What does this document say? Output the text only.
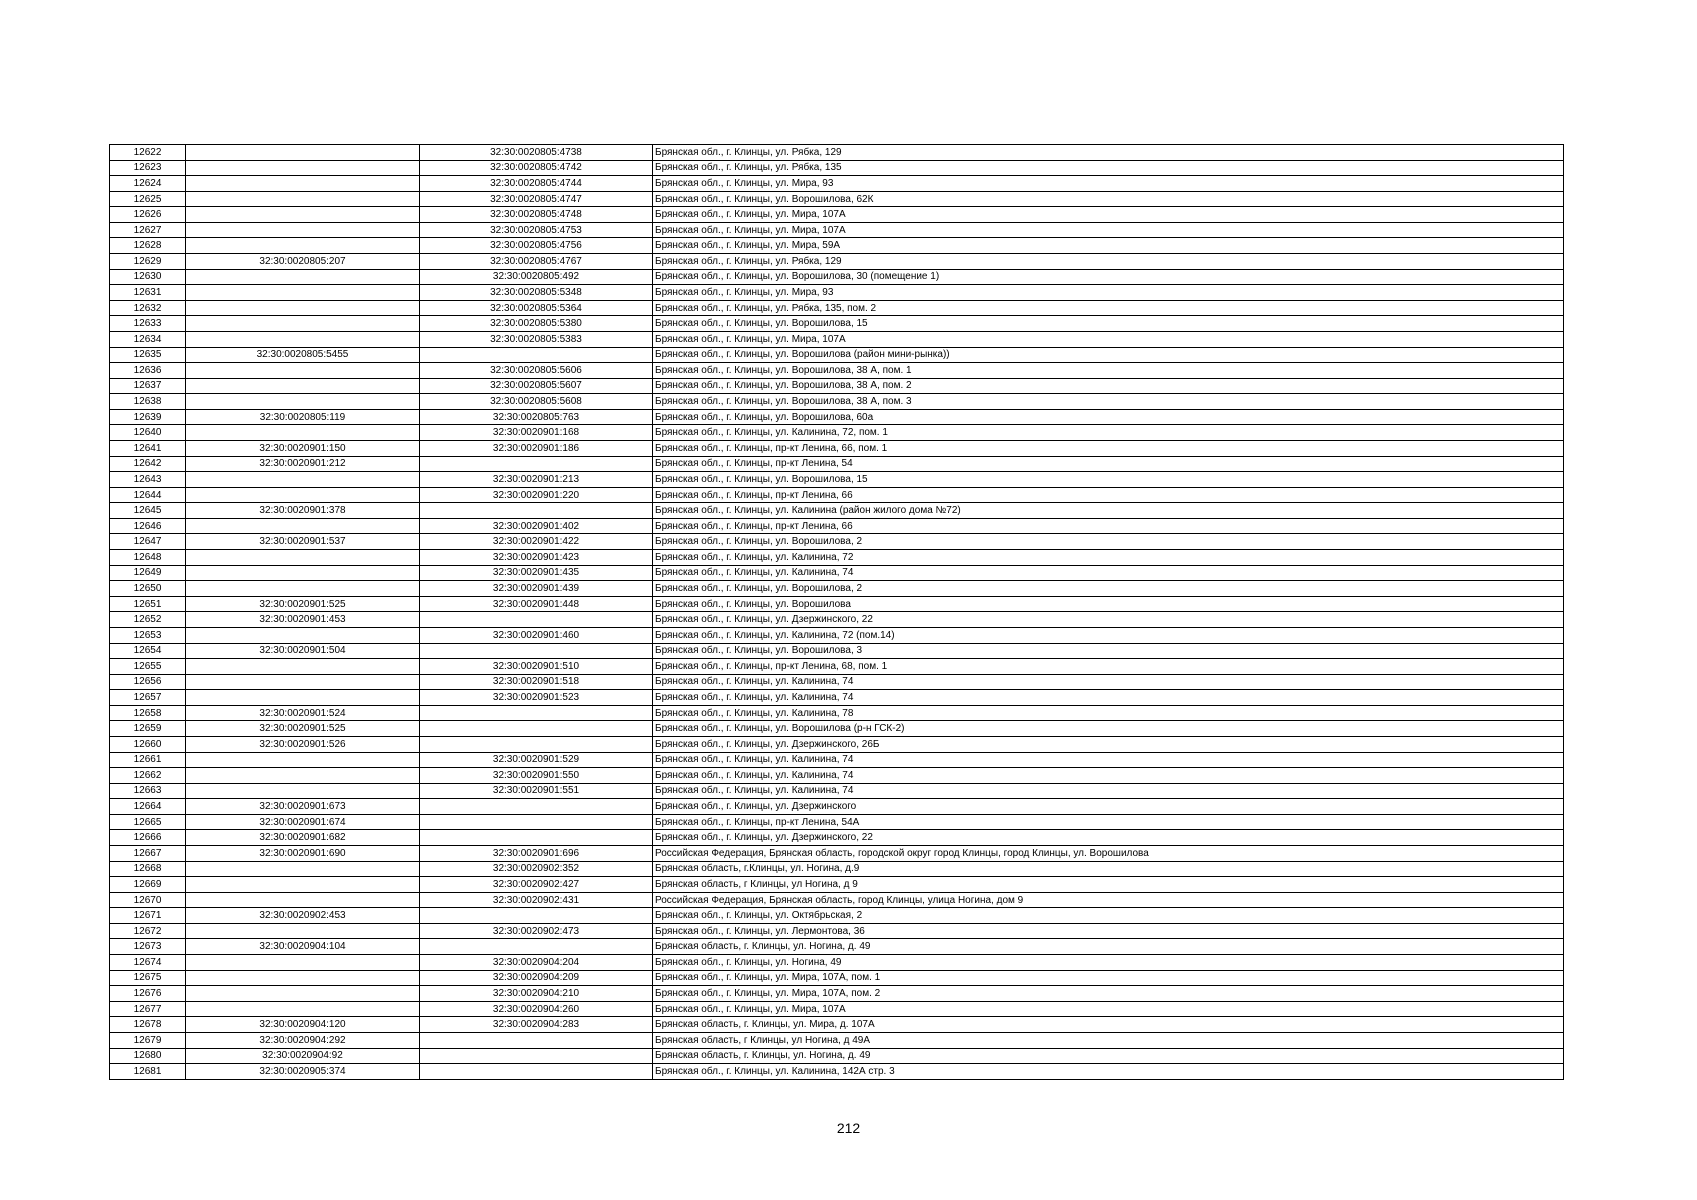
12622		32:30:0020805:4738	Брянская обл., г. Клинцы, ул. Рябка, 129
12623		32:30:0020805:4742	Брянская обл., г. Клинцы, ул. Рябка, 135
12624		32:30:0020805:4744	Брянская обл., г. Клинцы, ул. Мира, 93
12625		32:30:0020805:4747	Брянская обл., г. Клинцы, ул. Ворошилова, 62К
12626		32:30:0020805:4748	Брянская обл., г. Клинцы, ул. Мира, 107А
12627		32:30:0020805:4753	Брянская обл., г. Клинцы, ул. Мира, 107А
12628		32:30:0020805:4756	Брянская обл., г. Клинцы, ул. Мира, 59А
12629	32:30:0020805:207	32:30:0020805:4767	Брянская обл., г. Клинцы, ул. Рябка, 129
12630		32:30:0020805:492	Брянская обл., г. Клинцы, ул. Ворошилова, 30 (помещение 1)
12631		32:30:0020805:5348	Брянская обл., г. Клинцы, ул. Мира, 93
12632		32:30:0020805:5364	Брянская обл., г. Клинцы, ул. Рябка, 135, пом. 2
12633		32:30:0020805:5380	Брянская обл., г. Клинцы, ул. Ворошилова, 15
12634		32:30:0020805:5383	Брянская обл., г. Клинцы, ул. Мира, 107А
12635	32:30:0020805:5455		Брянская обл., г. Клинцы, ул. Ворошилова (район мини-рынка))
12636		32:30:0020805:5606	Брянская обл., г. Клинцы, ул. Ворошилова, 38 А, пом. 1
12637		32:30:0020805:5607	Брянская обл., г. Клинцы, ул. Ворошилова, 38 А, пом. 2
12638		32:30:0020805:5608	Брянская обл., г. Клинцы, ул. Ворошилова, 38 А, пом. 3
12639	32:30:0020805:119	32:30:0020805:763	Брянская обл., г. Клинцы, ул. Ворошилова, 60а
12640		32:30:0020901:168	Брянская обл., г. Клинцы, ул. Калинина, 72, пом. 1
12641	32:30:0020901:150	32:30:0020901:186	Брянская обл., г. Клинцы, пр-кт Ленина, 66, пом. 1
12642	32:30:0020901:212		Брянская обл., г. Клинцы, пр-кт Ленина, 54
12643		32:30:0020901:213	Брянская обл., г. Клинцы, ул. Ворошилова, 15
12644		32:30:0020901:220	Брянская обл., г. Клинцы, пр-кт Ленина, 66
12645	32:30:0020901:378		Брянская обл., г. Клинцы, ул. Калинина (район жилого дома №72)
12646		32:30:0020901:402	Брянская обл., г. Клинцы, пр-кт Ленина, 66
12647	32:30:0020901:537	32:30:0020901:422	Брянская обл., г. Клинцы, ул. Ворошилова, 2
12648		32:30:0020901:423	Брянская обл., г. Клинцы, ул. Калинина, 72
12649		32:30:0020901:435	Брянская обл., г. Клинцы, ул. Калинина, 74
12650		32:30:0020901:439	Брянская обл., г. Клинцы, ул. Ворошилова, 2
12651	32:30:0020901:525	32:30:0020901:448	Брянская обл., г. Клинцы, ул. Ворошилова
12652	32:30:0020901:453		Брянская обл., г. Клинцы, ул. Дзержинского, 22
12653		32:30:0020901:460	Брянская обл., г. Клинцы, ул. Калинина, 72 (пом.14)
12654	32:30:0020901:504		Брянская обл., г. Клинцы, ул. Ворошилова, 3
12655		32:30:0020901:510	Брянская обл., г. Клинцы, пр-кт Ленина, 68, пом. 1
12656		32:30:0020901:518	Брянская обл., г. Клинцы, ул. Калинина, 74
12657		32:30:0020901:523	Брянская обл., г. Клинцы, ул. Калинина, 74
12658	32:30:0020901:524		Брянская обл., г. Клинцы, ул. Калинина, 78
12659	32:30:0020901:525		Брянская обл., г. Клинцы, ул. Ворошилова (р-н ГСК-2)
12660	32:30:0020901:526		Брянская обл., г. Клинцы, ул. Дзержинского, 26Б
12661		32:30:0020901:529	Брянская обл., г. Клинцы, ул. Калинина, 74
12662		32:30:0020901:550	Брянская обл., г. Клинцы, ул. Калинина, 74
12663		32:30:0020901:551	Брянская обл., г. Клинцы, ул. Калинина, 74
12664	32:30:0020901:673		Брянская обл., г. Клинцы, ул. Дзержинского
12665	32:30:0020901:674		Брянская обл., г. Клинцы, пр-кт Ленина, 54А
12666	32:30:0020901:682		Брянская обл., г. Клинцы, ул. Дзержинского, 22
12667	32:30:0020901:690	32:30:0020901:696	Российская Федерация, Брянская область, городской округ город Клинцы, город Клинцы, ул. Ворошилова
12668		32:30:0020902:352	Брянская область, г.Клинцы, ул. Ногина, д.9
12669		32:30:0020902:427	Брянская область, г Клинцы, ул Ногина, д 9
12670		32:30:0020902:431	Российская Федерация, Брянская область, город Клинцы, улица Ногина, дом 9
12671	32:30:0020902:453		Брянская обл., г. Клинцы, ул. Октябрьская, 2
12672		32:30:0020902:473	Брянская обл., г. Клинцы, ул. Лермонтова, 36
12673	32:30:0020904:104		Брянская область, г. Клинцы, ул. Ногина, д. 49
12674		32:30:0020904:204	Брянская обл., г. Клинцы, ул. Ногина, 49
12675		32:30:0020904:209	Брянская обл., г. Клинцы, ул. Мира, 107А, пом. 1
12676		32:30:0020904:210	Брянская обл., г. Клинцы, ул. Мира, 107А, пом. 2
12677		32:30:0020904:260	Брянская обл., г. Клинцы, ул. Мира, 107А
12678	32:30:0020904:120	32:30:0020904:283	Брянская область, г. Клинцы, ул. Мира, д. 107А
12679	32:30:0020904:292		Брянская область, г Клинцы, ул Ногина, д 49А
12680	32:30:0020904:92		Брянская область, г. Клинцы, ул. Ногина, д. 49
12681	32:30:0020905:374		Брянская обл., г. Клинцы, ул. Калинина, 142А стр. 3
212
